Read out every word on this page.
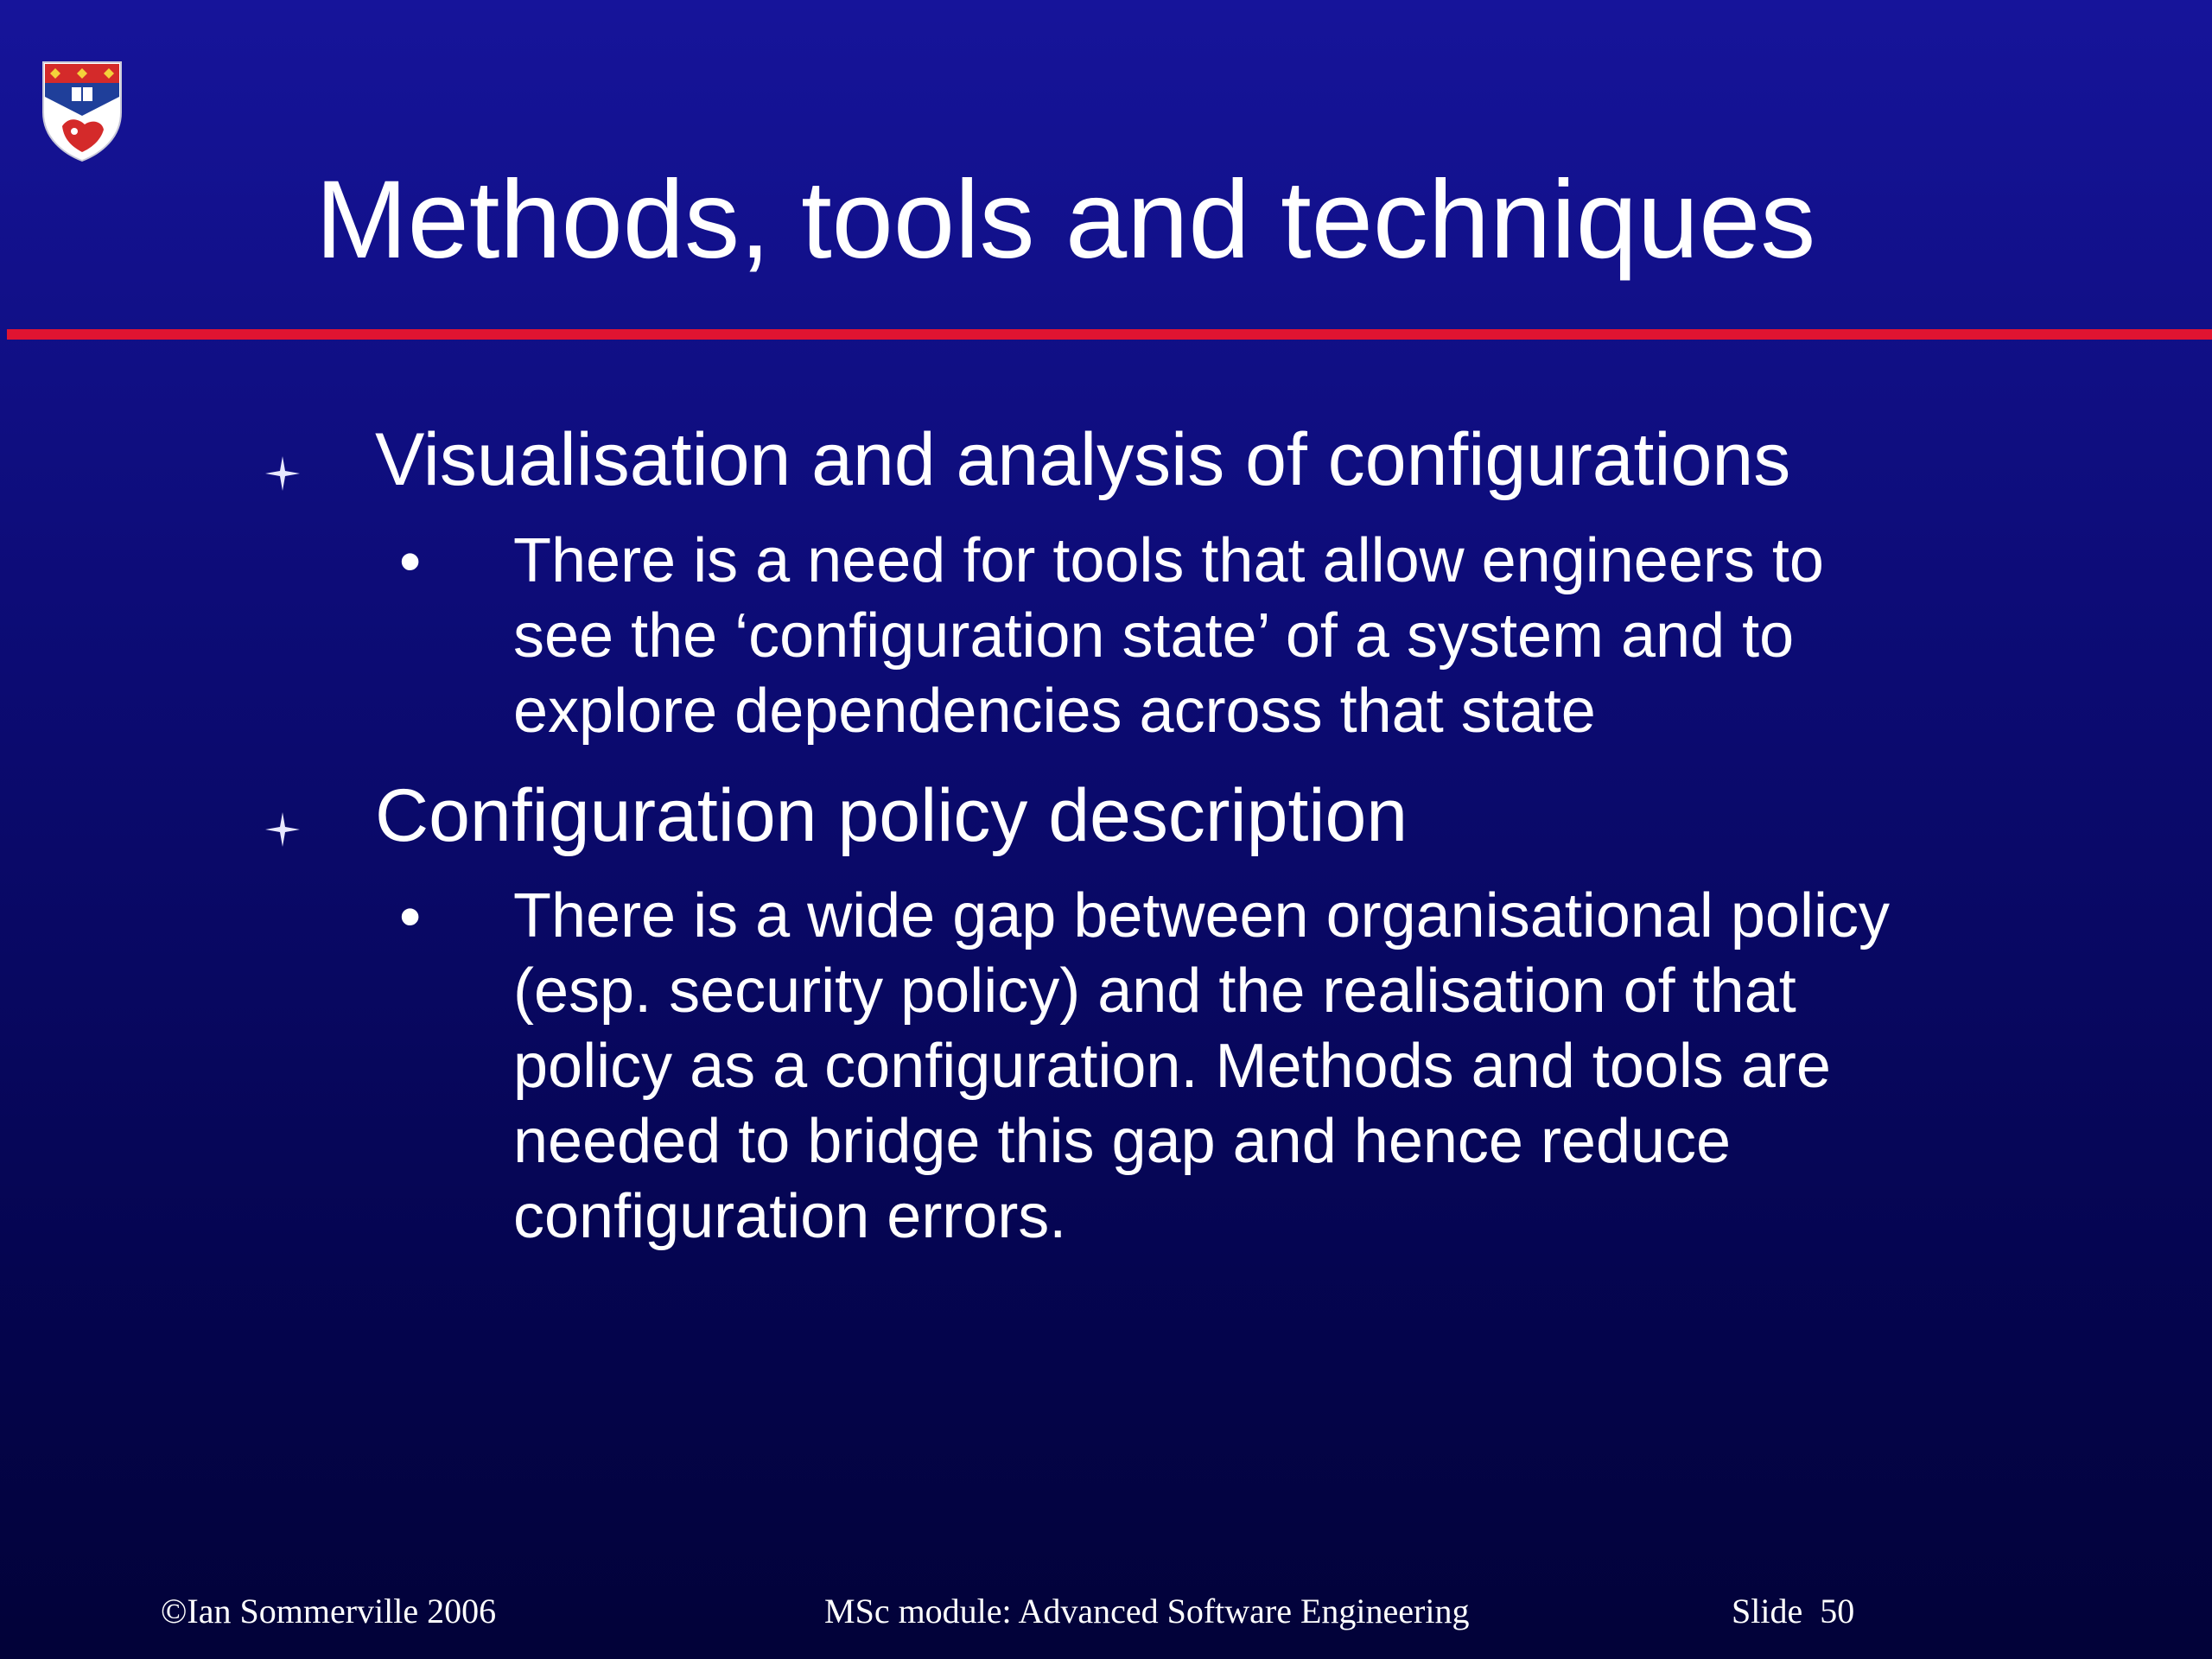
Methods, tools and techniques
Visualisation and analysis of configurations
• There is a need for tools that allow engineers to
see the ‘configuration state’ of a system and to
explore dependencies across that state
Configuration policy description
• There is a wide gap between organisational policy
(esp. security policy) and the realisation of that
policy as a configuration. Methods and tools are
needed to bridge this gap and hence reduce
configuration errors.
©Ian Sommerville 2006	MSc module: Advanced Software Engineering	Slide  50
